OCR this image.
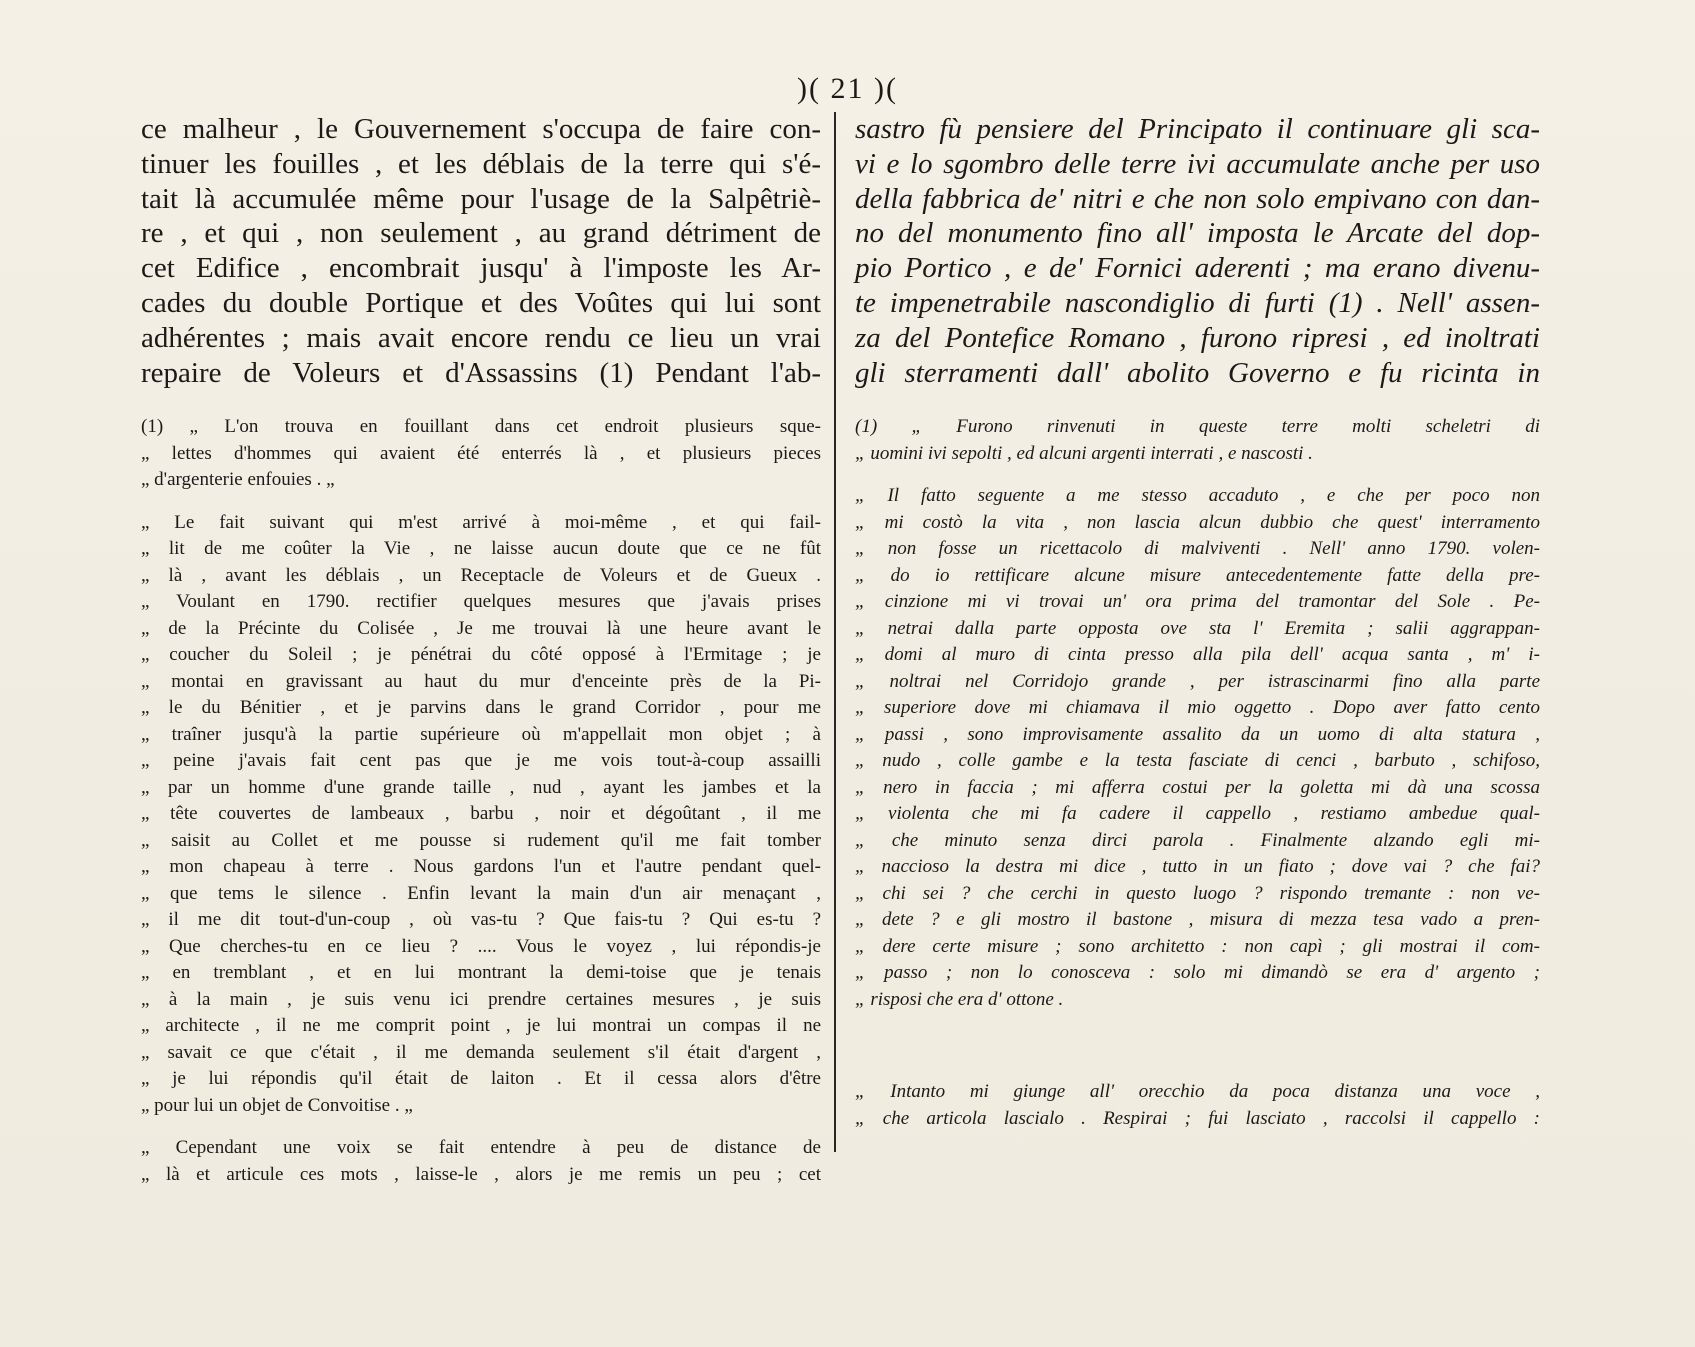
)( 21 )(
ce malheur , le Gouvernement s'occupa de faire con-
tinuer les fouilles , et les déblais de la terre qui s'é-
tait là accumulée même pour l'usage de la Salpêtriè-
re , et qui , non seulement , au grand détriment de
cet Edifice , encombrait jusqu' à l'imposte les Ar-
cades du double Portique et des Voûtes qui lui sont
adhérentes ; mais avait encore rendu ce lieu un vrai
repaire de Voleurs et d'Assassins (1) Pendant l'ab-
(1) „ L'on trouva en fouillant dans cet endroit plusieurs sque-
„ lettes d'hommes qui avaient été enterrés là , et plusieurs pieces
„ d'argenterie enfouies . „
„ Le fait suivant qui m'est arrivé à moi-même , et qui fail-
„ lit de me coûter la Vie , ne laisse aucun doute que ce ne fût
„ là , avant les déblais , un Receptacle de Voleurs et de Gueux .
„ Voulant en 1790. rectifier quelques mesures que j'avais prises
„ de la Précinte du Colisée , Je me trouvai là une heure avant le
„ coucher du Soleil ; je pénétrai du côté opposé à l'Ermitage ; je
„ montai en gravissant au haut du mur d'enceinte près de la Pi-
„ le du Bénitier , et je parvins dans le grand Corridor , pour me
„ traîner jusqu'à la partie supérieure où m'appellait mon objet ; à
„ peine j'avais fait cent pas que je me vois tout-à-coup assailli
„ par un homme d'une grande taille , nud , ayant les jambes et la
„ tête couvertes de lambeaux , barbu , noir et dégoûtant , il me
„ saisit au Collet et me pousse si rudement qu'il me fait tomber
„ mon chapeau à terre . Nous gardons l'un et l'autre pendant quel-
„ que tems le silence . Enfin levant la main d'un air menaçant ,
„ il me dit tout-d'un-coup , où vas-tu ? Que fais-tu ? Qui es-tu ?
„ Que cherches-tu en ce lieu ? .... Vous le voyez , lui répondis-je
„ en tremblant , et en lui montrant la demi-toise que je tenais
„ à la main , je suis venu ici prendre certaines mesures , je suis
„ architecte , il ne me comprit point , je lui montrai un compas il ne
„ savait ce que c'était , il me demanda seulement s'il était d'argent ,
„ je lui répondis qu'il était de laiton . Et il cessa alors d'être
„ pour lui un objet de Convoitise . „
„ Cependant une voix se fait entendre à peu de distance de
„ là et articule ces mots , laisse-le , alors je me remis un peu ; cet
sastro fù pensiere del Principato il continuare gli sca-
vi e lo sgombro delle terre ivi accumulate anche per uso
della fabbrica de' nitri e che non solo empivano con dan-
no del monumento fino all' imposta le Arcate del dop-
pio Portico , e de' Fornici aderenti ; ma erano divenu-
te impenetrabile nascondiglio di furti (1) . Nell' assen-
za del Pontefice Romano , furono ripresi , ed inoltrati
gli sterramenti dall' abolito Governo e fu ricinta in
(1) „ Furono rinvenuti in queste terre molti scheletri di
„ uomini ivi sepolti , ed alcuni argenti interrati , e nascosti .
„ Il fatto seguente a me stesso accaduto , e che per poco non
„ mi costò la vita , non lascia alcun dubbio che quest' interramento
„ non fosse un ricettacolo di malviventi . Nell' anno 1790. volen-
„ do io rettificare alcune misure antecedentemente fatte della pre-
„ cinzione mi vi trovai un' ora prima del tramontar del Sole . Pe-
„ netrai dalla parte opposta ove sta l' Eremita ; salii aggrappan-
„ domi al muro di cinta presso alla pila dell' acqua santa , m' i-
„ noltrai nel Corridojo grande , per istrascinarmi fino alla parte
„ superiore dove mi chiamava il mio oggetto . Dopo aver fatto cento
„ passi , sono improvisamente assalito da un uomo di alta statura ,
„ nudo , colle gambe e la testa fasciate di cenci , barbuto , schifoso,
„ nero in faccia ; mi afferra costui per la goletta mi dà una scossa
„ violenta che mi fa cadere il cappello , restiamo ambedue qual-
„ che minuto senza dirci parola . Finalmente alzando egli mi-
„ naccioso la destra mi dice , tutto in un fiato ; dove vai ? che fai?
„ chi sei ? che cerchi in questo luogo ? rispondo tremante : non ve-
„ dete ? e gli mostro il bastone , misura di mezza tesa vado a pren-
„ dere certe misure ; sono architetto : non capì ; gli mostrai il com-
„ passo ; non lo conosceva : solo mi dimandò se era d' argento ;
„ risposi che era d' ottone .
„ Intanto mi giunge all' orecchio da poca distanza una voce ,
„ che articola lascialo . Respirai ; fui lasciato , raccolsi il cappello :
